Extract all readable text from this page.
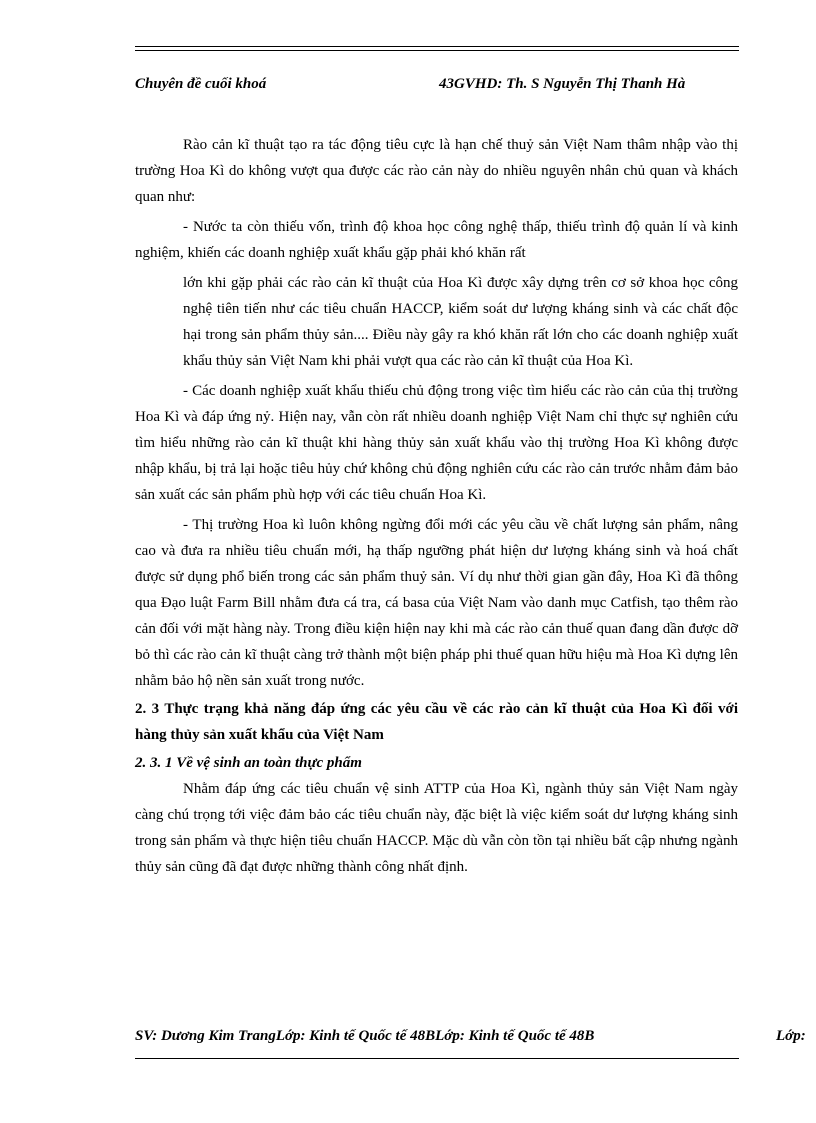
Chuyên đề cuối khoá	43GVHD: Th. S Nguyễn Thị Thanh Hà

Rào cản kĩ thuật tạo ra tác động tiêu cực là hạn chế thuỷ sản Việt Nam thâm nhập vào thị trường Hoa Kì do không vượt qua được các rào cản này do nhiều nguyên nhân chủ quan và khách quan như:

- Nước ta còn thiếu vốn, trình độ khoa học công nghệ thấp, thiếu trình độ quản lí và kinh nghiệm, khiến các doanh nghiệp xuất khẩu gặp phải khó khăn rất

lớn khi gặp phải các rào cản kĩ thuật của Hoa Kì được xây dựng trên cơ sở khoa học công nghệ tiên tiến như các tiêu chuẩn HACCP, kiểm soát dư lượng kháng sinh và các chất độc hại trong sản phẩm thủy sản.... Điều này gây ra khó khăn rất lớn cho các doanh nghiệp xuất khẩu thủy sản Việt Nam khi phải vượt qua các rào cản kĩ thuật của Hoa Kì.

- Các doanh nghiệp xuất khẩu thiếu chủ động trong việc tìm hiểu các rào cản của thị trường Hoa Kì và đáp ứng nỷ. Hiện nay, vẫn còn rất nhiều doanh nghiệp Việt Nam chỉ thực sự nghiên cứu tìm hiểu những rào cản kĩ thuật khi hàng thủy sản xuất khẩu vào thị trường Hoa Kì không được nhập khẩu, bị trả lại hoặc tiêu hủy chứ không chủ động nghiên cứu các rào cản trước nhằm đảm bảo sản xuất các sản phẩm phù hợp với các tiêu chuẩn Hoa Kì.

- Thị trường Hoa kì luôn không ngừng đổi mới các yêu cầu về chất lượng sản phẩm, nâng cao và đưa ra nhiều tiêu chuẩn mới, hạ thấp ngưỡng phát hiện dư lượng kháng sinh và hoá chất được sử dụng phổ biến trong các sản phẩm thuỷ sản. Ví dụ như thời gian gần đây, Hoa Kì đã thông qua Đạo luật Farm Bill nhằm đưa cá tra, cá basa của Việt Nam vào danh mục Catfish, tạo thêm rào cản đối với mặt hàng này. Trong điều kiện hiện nay khi mà các rào cản thuế quan đang dần được dỡ bỏ thì các rào cản kĩ thuật càng trở thành một biện pháp phi thuế quan hữu hiệu mà Hoa Kì dựng lên nhằm bảo hộ nền sản xuất trong nước.

2. 3 Thực trạng khả năng đáp ứng các yêu cầu về các rào cản kĩ thuật của Hoa Kì đối với hàng thủy sản xuất khẩu của Việt Nam
2. 3. 1 Về vệ sinh an toàn thực phẩm

Nhằm đáp ứng các tiêu chuẩn vệ sinh ATTP của Hoa Kì, ngành thủy sản Việt Nam ngày càng chú trọng tới việc đảm bảo các tiêu chuẩn này, đặc biệt là việc kiểm soát dư lượng kháng sinh trong sản phẩm và thực hiện tiêu chuẩn HACCP. Mặc dù vẫn còn tồn tại nhiều bất cập nhưng ngành thủy sản cũng đã đạt được những thành công nhất định.

SV: Dương Kim TrangLớp: Kinh tế Quốc tế 48BLớp: Kinh tế Quốc tế 48B	Lớp:
